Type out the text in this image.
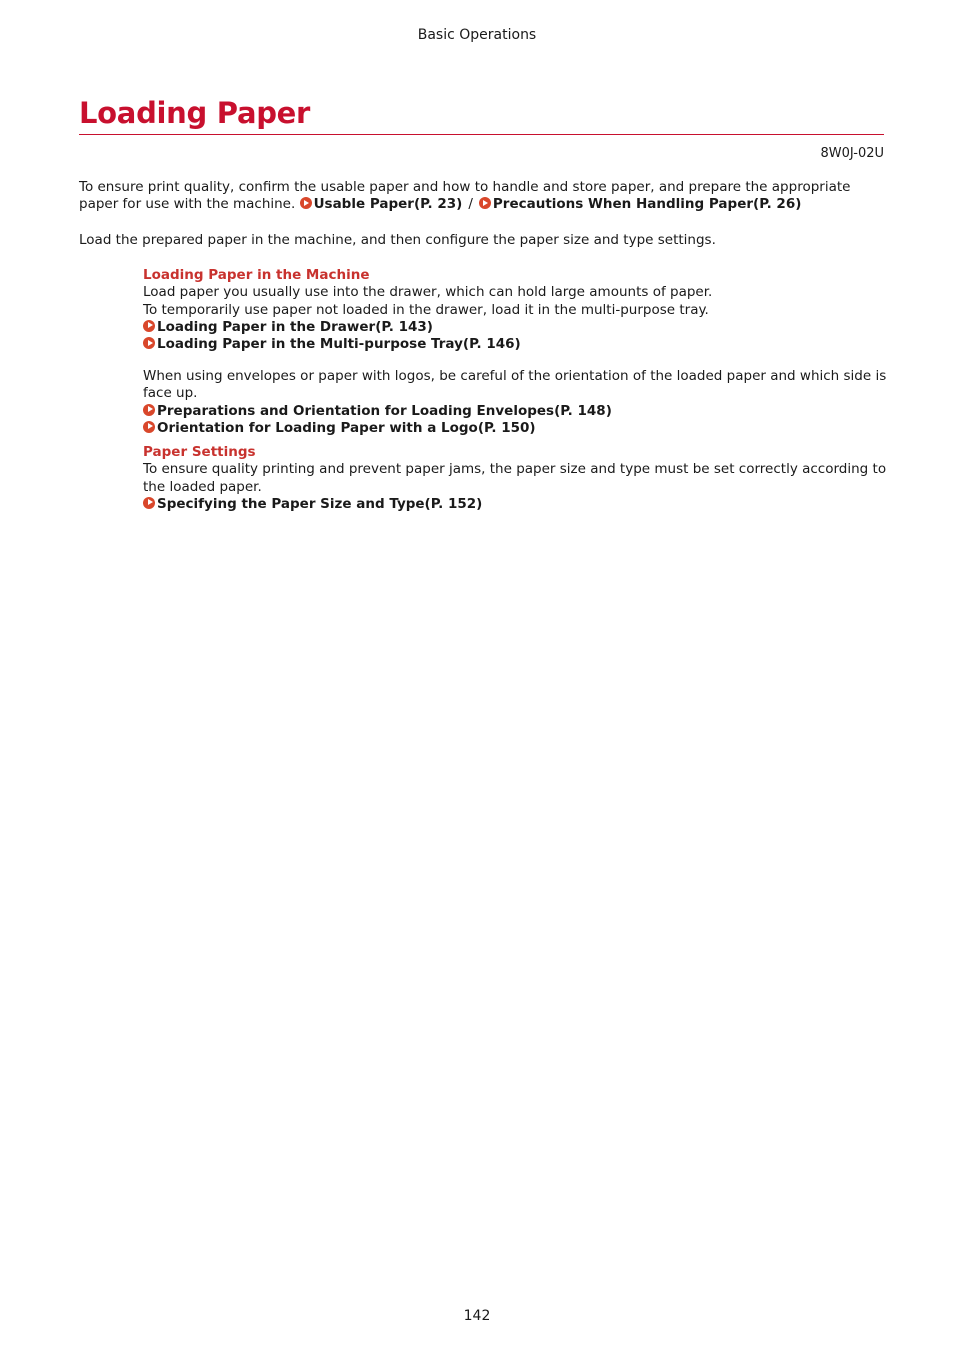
Basic Operations
Loading Paper
8W0J-02U
To ensure print quality, confirm the usable paper and how to handle and store paper, and prepare the appropriate paper for use with the machine. Usable Paper(P. 23) / Precautions When Handling Paper(P. 26)
Load the prepared paper in the machine, and then configure the paper size and type settings.

Loading Paper in the Machine

Load paper you usually use into the drawer, which can hold large amounts of paper.

To temporarily use paper not loaded in the drawer, load it in the multi-purpose tray.

Loading Paper in the Drawer(P. 143)

Loading Paper in the Multi-purpose Tray(P. 146)

When using envelopes or paper with logos, be careful of the orientation of the loaded paper and which side is face up.

Preparations and Orientation for Loading Envelopes(P. 148)

Orientation for Loading Paper with a Logo(P. 150)

Paper Settings

To ensure quality printing and prevent paper jams, the paper size and type must be set correctly according to the loaded paper.

Specifying the Paper Size and Type(P. 152)

142
